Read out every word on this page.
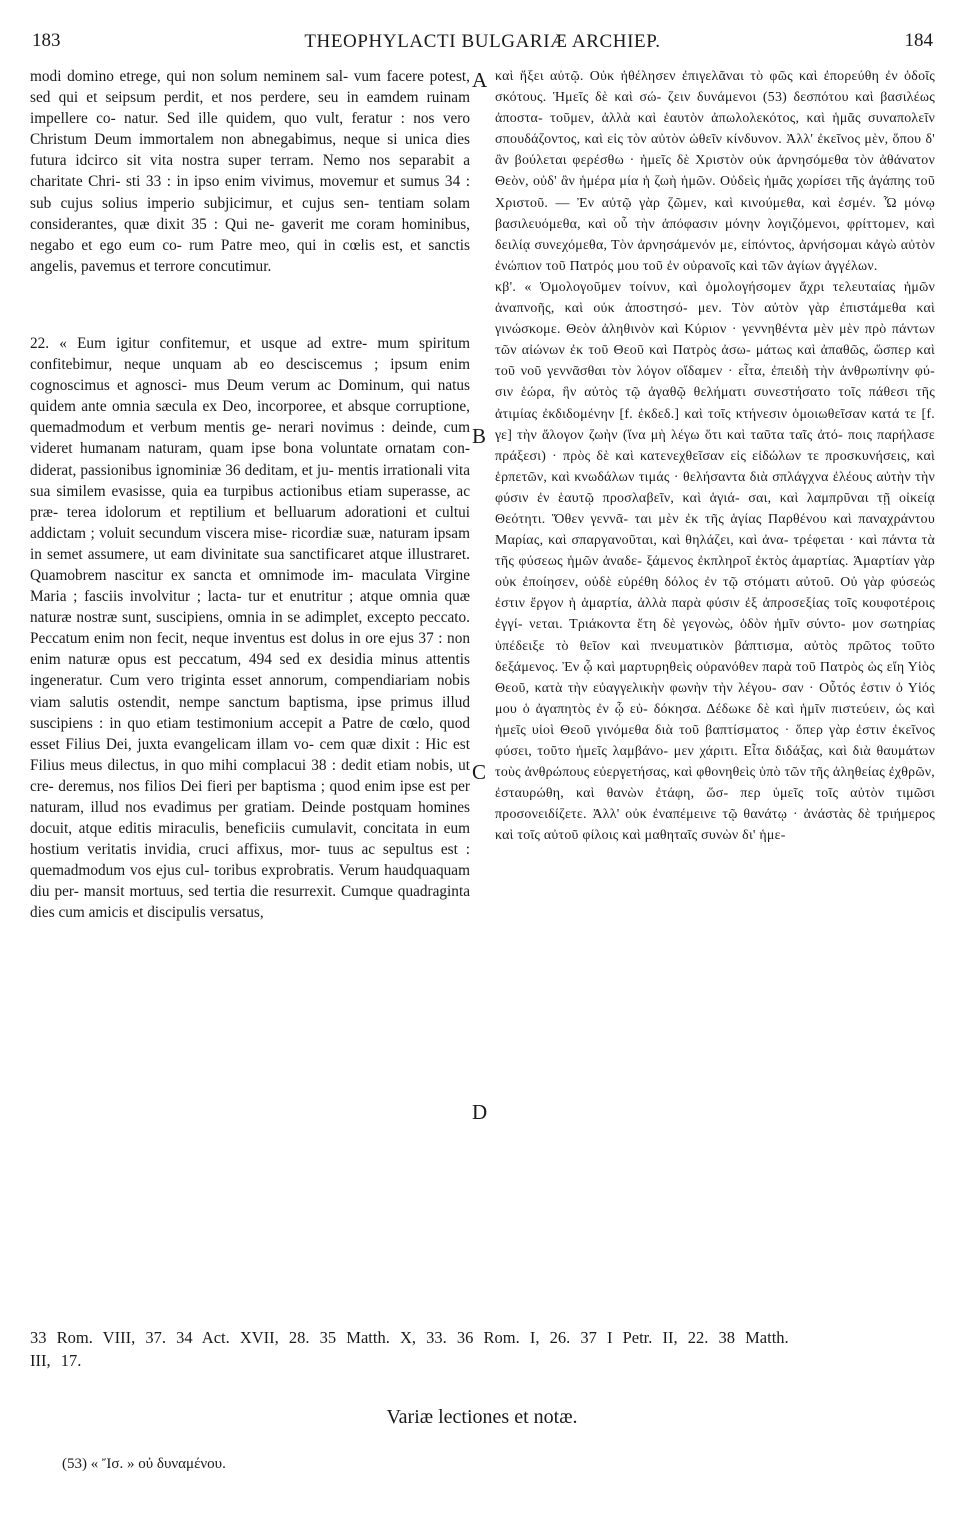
183	THEOPHYLACTI BULGARIÆ ARCHIEP.	184

modi domino etrege, qui non solum neminem sal- vum facere potest, sed qui et seipsum perdit, et nos perdere, seu in eamdem ruinam impellere co- natur. Sed ille quidem, quo vult, feratur : nos vero Christum Deum immortalem non abnegabimus, neque si unica dies futura idcirco sit vita nostra super terram. Nemo nos separabit a charitate Chri- sti 33 : in ipso enim vivimus, movemur et sumus 34 : sub cujus solius imperio subjicimur, et cujus sen- tentiam solam considerantes, quæ dixit 35 : Qui ne- gaverit me coram hominibus, negabo et ego eum co- rum Patre meo, qui in cœlis est, et sanctis angelis, pavemus et terrore concutimur.

22. « Eum igitur confitemur, et usque ad extre- mum spiritum confitebimur, neque unquam ab eo desciscemus ; ipsum enim cognoscimus et agnosci- mus Deum verum ac Dominum, qui natus quidem ante omnia sæcula ex Deo, incorporee, et absque corruptione, quemadmodum et verbum mentis ge- nerari novimus : deinde, cum videret humanam naturam, quam ipse bona voluntate ornatam con- diderat, passionibus ignominiæ 36 deditam, et ju- mentis irrationali vita sua similem evasisse, quia ea turpibus actionibus etiam superasse, ac præ- terea idolorum et reptilium et belluarum adorationi et cultui addictam ; voluit secundum viscera mise- ricordiæ suæ, naturam ipsam in semet assumere, ut eam divinitate sua sanctificaret atque illustraret. Quamobrem nascitur ex sancta et omnimode im- maculata Virgine Maria ; fasciis involvitur ; lacta- tur et enutritur ; atque omnia quæ naturæ nostræ sunt, suscipiens, omnia in se adimplet, excepto peccato. Peccatum enim non fecit, neque inventus est dolus in ore ejus 37 : non enim naturæ opus est peccatum, 494 sed ex desidia minus attentis ingeneratur. Cum vero triginta esset annorum, compendiariam nobis viam salutis ostendit, nempe sanctum baptisma, ipse primus illud suscipiens : in quo etiam testimonium accepit a Patre de cœlo, quod esset Filius Dei, juxta evangelicam illam vo- cem quæ dixit : Hic est Filius meus dilectus, in quo mihi complacui 38 : dedit etiam nobis, ut cre- deremus, nos filios Dei fieri per baptisma ; quod enim ipse est per naturam, illud nos evadimus per gratiam. Deinde postquam homines docuit, atque editis miraculis, beneficiis cumulavit, concitata in eum hostium veritatis invidia, cruci affixus, mor- tuus ac sepultus est : quemadmodum vos ejus cul- toribus exprobratis. Verum haudquaquam diu per- mansit mortuus, sed tertia die resurrexit. Cumque quadraginta dies cum amicis et discipulis versatus,

καὶ ἥξει αὐτῷ. Οὐκ ἠθέλησεν ἐπιγελᾶναι τὸ φῶς καὶ ἐπορεύθη ἐν ὁδοῖς σκότους. Ἡμεῖς δὲ καὶ σώ- ζειν δυνάμενοι (53) δεσπότου καὶ βασιλέως ἀποστα- τοῦμεν, ἀλλὰ καὶ ἑαυτὸν ἀπωλολεκότος, καὶ ἡμᾶς συναπολεῖν σπουδάζοντος, καὶ εἰς τὸν αὐτὸν ὠθεῖν κίνδυνον. Ἀλλ' ἐκεῖνος μὲν, ὅπου δ' ἂν βούλεται φερέσθω · ἡμεῖς δὲ Χριστὸν οὐκ ἀρνησόμεθα τὸν ἀθάνατον Θεὸν, οὐδ' ἂν ἡμέρα μία ἡ ζωὴ ἡμῶν. Οὐδεὶς ἡμᾶς χωρίσει τῆς ἀγάπης τοῦ Χριστοῦ. — Ἐν αὐτῷ γὰρ ζῶμεν, καὶ κινούμεθα, καὶ ἐσμέν. Ὧ μόνῳ βασιλευόμεθα, καὶ οὗ τὴν ἀπόφασιν μόνην λογιζόμενοι, φρίττομεν, καὶ δειλίᾳ συνεχόμεθα, Τὸν ἀρνησάμενόν με, εἰπόντος, ἀρνήσομαι κἀγὼ αὐτὸν ἐνώπιον τοῦ Πατρός μου τοῦ ἐν οὐρανοῖς καὶ τῶν ἁγίων ἀγγέλων.

κβ'. « Ὁμολογοῦμεν τοίνυν, καὶ ὁμολογήσομεν ἄχρι τελευταίας ἡμῶν ἀναπνοῆς, καὶ οὐκ ἀποστησό- μεν. Τὸν αὐτὸν γὰρ ἐπιστάμεθα καὶ γινώσκομε. Θεὸν ἀληθινὸν καὶ Κύριον · γεννηθέντα μὲν μὲν πρὸ πάντων τῶν αἰώνων ἐκ τοῦ Θεοῦ καὶ Πατρὸς ἀσω- μάτως καὶ ἀπαθῶς, ὥσπερ καὶ τοῦ νοῦ γεννᾶσθαι τὸν λόγον οἴδαμεν · εἶτα, ἐπειδὴ τὴν ἀνθρωπίνην φύ- σιν ἑώρα, ἣν αὐτὸς τῷ ἀγαθῷ θελήματι συνεστήσατο τοῖς πάθεσι τῆς ἀτιμίας ἐκδιδομένην [f. ἐκδεδ.] καὶ τοῖς κτήνεσιν ὁμοιωθεῖσαν κατά τε [f. γε] τὴν ἄλογον ζωὴν (ἵνα μὴ λέγω ὅτι καὶ ταῦτα ταῖς ἀτό- ποις παρήλασε πράξεσι) · πρὸς δὲ καὶ κατενεχθεῖσαν εἰς εἰδώλων τε προσκυνήσεις, καὶ ἑρπετῶν, καὶ κνωδάλων τιμάς · θελήσαντα διὰ σπλάγχνα ἐλέους αὐτὴν τὴν φύσιν ἐν ἑαυτῷ προσλαβεῖν, καὶ ἁγιά- σαι, καὶ λαμπρῦναι τῇ οἰκείᾳ Θεότητι. Ὅθεν γεννᾶ- ται μὲν ἐκ τῆς ἁγίας Παρθένου καὶ παναχράντου Μαρίας, καὶ σπαργανοῦται, καὶ θηλάζει, καὶ ἀνα- τρέφεται · καὶ πάντα τὰ τῆς φύσεως ἡμῶν ἀναδε- ξάμενος ἐκπληροῖ ἐκτὸς ἁμαρτίας. Ἁμαρτίαν γὰρ οὐκ ἐποίησεν, οὐδὲ εὑρέθη δόλος ἐν τῷ στόματι αὐτοῦ. Οὐ γὰρ φύσεώς ἐστιν ἔργον ἡ ἁμαρτία, ἀλλὰ παρὰ φύσιν ἐξ ἀπροσεξίας τοῖς κουφοτέροις ἐγγί- νεται. Τριάκοντα ἔτη δὲ γεγονὼς, ὁδὸν ἡμῖν σύντο- μον σωτηρίας ὑπέδειξε τὸ θεῖον καὶ πνευματικὸν βάπτισμα, αὐτὸς πρῶτος τοῦτο δεξάμενος. Ἐν ᾧ καὶ μαρτυρηθεὶς οὐρανόθεν παρὰ τοῦ Πατρὸς ὡς εἴη Υἱὸς Θεοῦ, κατὰ τὴν εὐαγγελικὴν φωνὴν τὴν λέγου- σαν · Οὗτός ἐστιν ὁ Υἱός μου ὁ ἀγαπητὸς ἐν ᾧ εὐ- δόκησα. Δέδωκε δὲ καὶ ἡμῖν πιστεύειν, ὡς καὶ ἡμεῖς υἱοὶ Θεοῦ γινόμεθα διὰ τοῦ βαπτίσματος · ὅπερ γὰρ ἐστιν ἐκεῖνος φύσει, τοῦτο ἡμεῖς λαμβάνο- μεν χάριτι. Εἶτα διδάξας, καὶ διὰ θαυμάτων τοὺς ἀνθρώπους εὐεργετήσας, καὶ φθονηθεὶς ὑπὸ τῶν τῆς ἀληθείας ἐχθρῶν, ἐσταυρώθη, καὶ θανὼν ἐτάφη, ὥσ- περ ὑμεῖς τοῖς αὐτὸν τιμῶσι προσονειδίζετε. Ἀλλ' οὐκ ἐναπέμεινε τῷ θανάτῳ · ἀνάστὰς δὲ τριήμερος καὶ τοῖς αὐτοῦ φίλοις καὶ μαθηταῖς συνὼν δι' ἡμε-

A
B
C
D
33 Rom. VIII, 37. 34 Act. XVII, 28. 35 Matth. X, 33. 36 Rom. I, 26. 37 I Petr. II, 22. 38 Matth.
III, 17.
Variæ lectiones et notæ.
(53) « Ἴσ. » οὐ δυναμένου.
